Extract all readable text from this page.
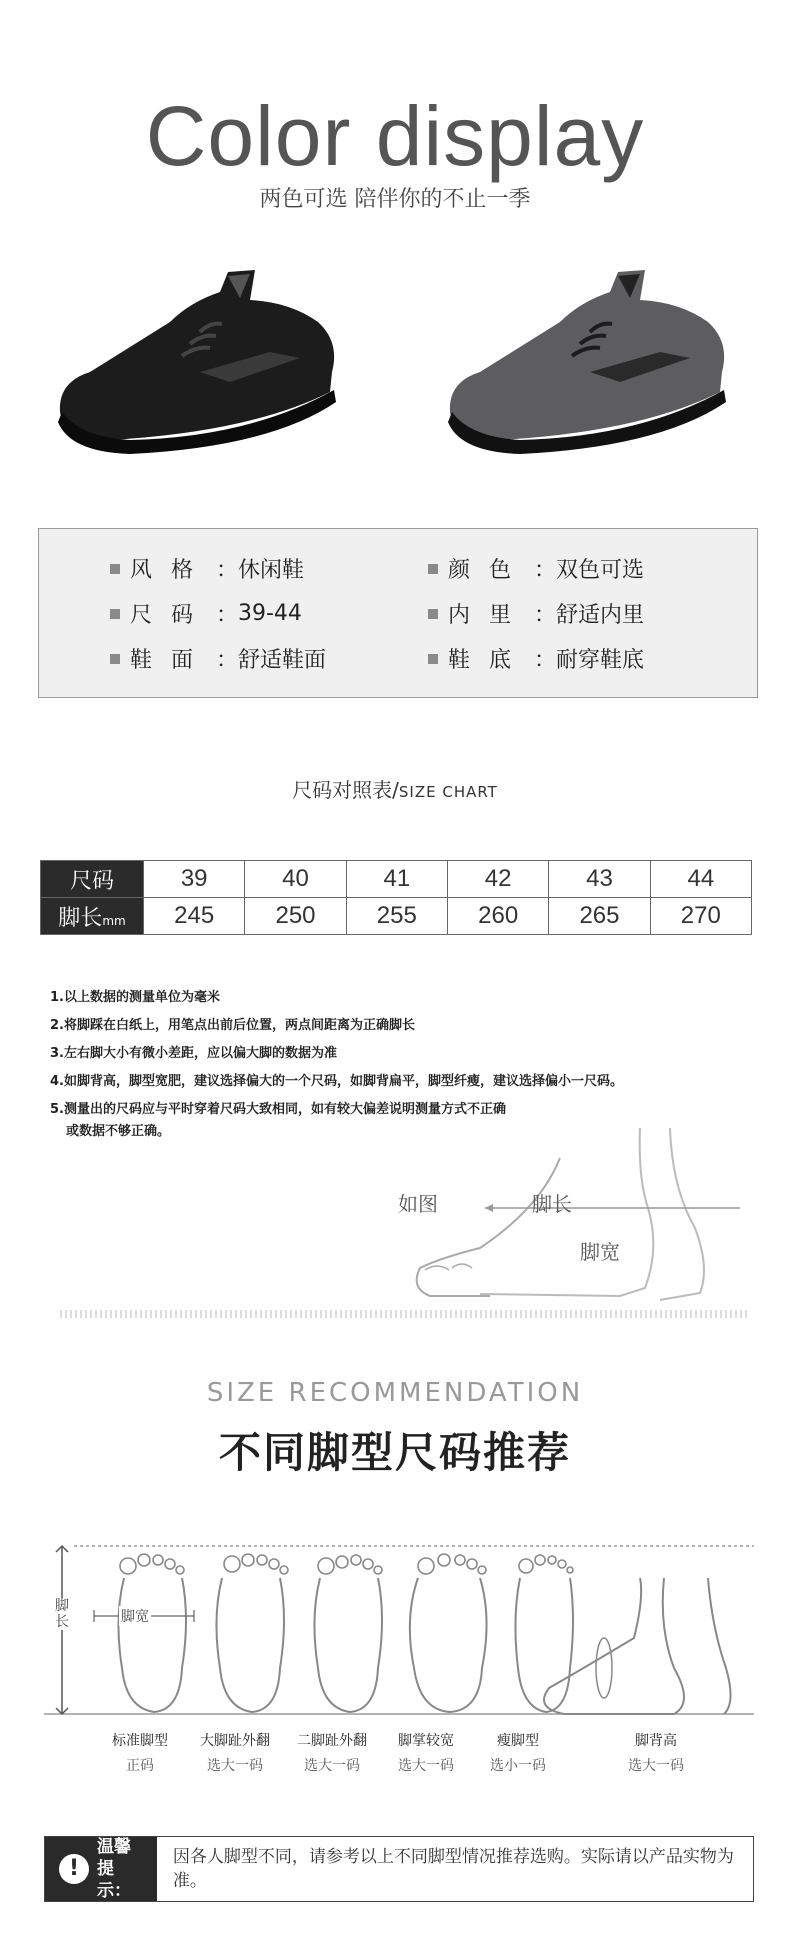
Color display
两色可选 陪伴你的不止一季
风 格 ： 休闲鞋	颜 色 ： 双色可选
尺 码 ： 39-44	内 里 ： 舒适内里
鞋 面 ： 舒适鞋面	鞋 底 ： 耐穿鞋底
尺码对照表/SIZE CHART
尺码	39	40	41	42	43	44
脚长mm	245	250	255	260	265	270
1.以上数据的测量单位为毫米
2.将脚踩在白纸上，用笔点出前后位置，两点间距离为正确脚长
3.左右脚大小有微小差距，应以偏大脚的数据为准
4.如脚背高，脚型宽肥，建议选择偏大的一个尺码，如脚背扁平，脚型纤瘦，建议选择偏小一尺码。
5.测量出的尺码应与平时穿着尺码大致相同，如有较大偏差说明测量方式不正确
或数据不够正确。
如图	脚长
脚宽
SIZE RECOMMENDATION
不同脚型尺码推荐
脚长	脚宽
标准脚型
正码
大脚趾外翻
选大一码
二脚趾外翻
选大一码
脚掌较宽
选大一码
瘦脚型
选小一码
脚背高
选大一码
!
温馨提示：
因各人脚型不同，请参考以上不同脚型情况推荐选购。实际请以产品实物为准。
